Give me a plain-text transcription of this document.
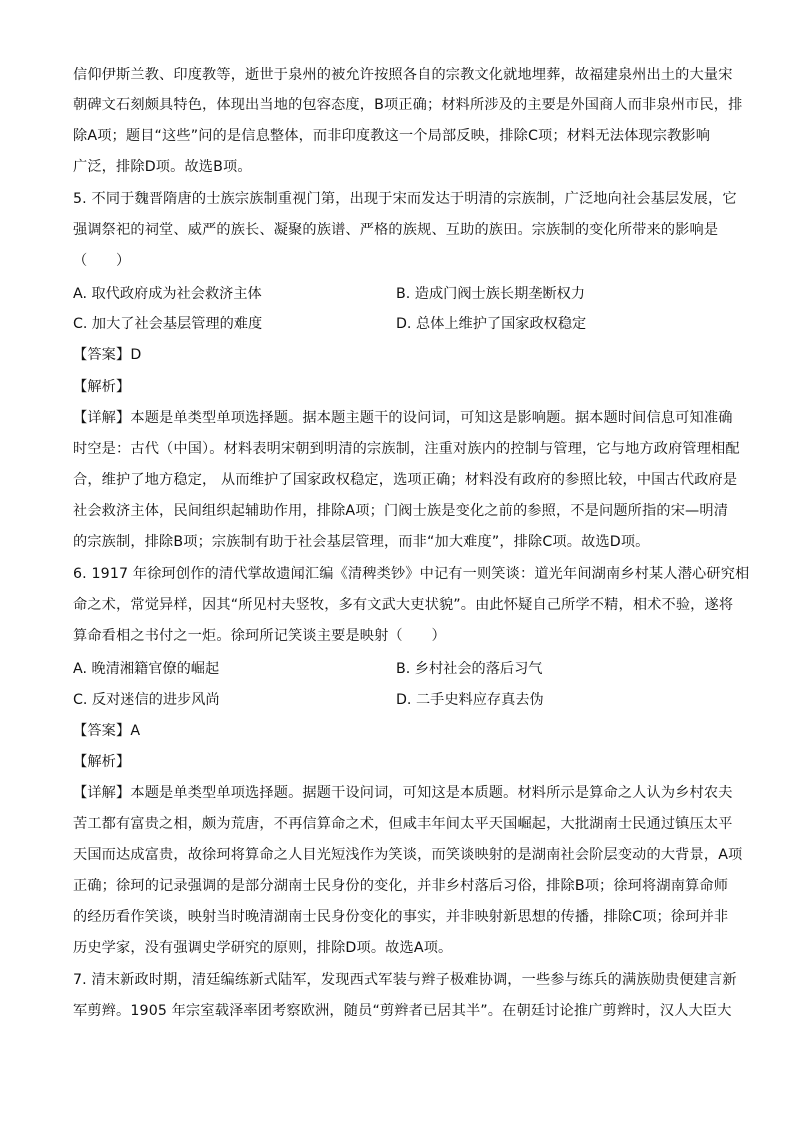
信仰伊斯兰教、印度教等，逝世于泉州的被允许按照各自的宗教文化就地埋葬，故福建泉州出土的大量宋
朝碑文石刻颇具特色，体现出当地的包容态度，B项正确；材料所涉及的主要是外国商人而非泉州市民，排
除A项；题目“这些”问的是信息整体，而非印度教这一个局部反映，排除C项；材料无法体现宗教影响
广泛，排除D项。故选B项。
5. 不同于魏晋隋唐的士族宗族制重视门第，出现于宋而发达于明清的宗族制，广泛地向社会基层发展，它
强调祭祀的祠堂、威严的族长、凝聚的族谱、严格的族规、互助的族田。宗族制的变化所带来的影响是
（　　）
A. 取代政府成为社会救济主体	B. 造成门阀士族长期垄断权力
C. 加大了社会基层管理的难度	D. 总体上维护了国家政权稳定
【答案】D
【解析】
【详解】本题是单类型单项选择题。据本题主题干的设问词，可知这是影响题。据本题时间信息可知准确
时空是：古代（中国）。材料表明宋朝到明清的宗族制，注重对族内的控制与管理，它与地方政府管理相配
合，维护了地方稳定， 从而维护了国家政权稳定，选项正确；材料没有政府的参照比较，中国古代政府是
社会救济主体，民间组织起辅助作用，排除A项；门阀士族是变化之前的参照，不是问题所指的宋—明清
的宗族制，排除B项；宗族制有助于社会基层管理，而非“加大难度”，排除C项。故选D项。
6. 1917 年徐珂创作的清代掌故遗闻汇编《清稗类钞》中记有一则笑谈：道光年间湖南乡村某人潜心研究相
命之术，常觉异样，因其“所见村夫竖牧，多有文武大吏状貌”。由此怀疑自己所学不精，相术不验，遂将
算命看相之书付之一炬。徐珂所记笑谈主要是映射（　　）
A. 晚清湘籍官僚的崛起	B. 乡村社会的落后习气
C. 反对迷信的进步风尚	D. 二手史料应存真去伪
【答案】A
【解析】
【详解】本题是单类型单项选择题。据题干设问词，可知这是本质题。材料所示是算命之人认为乡村农夫
苦工都有富贵之相，颇为荒唐，不再信算命之术，但咸丰年间太平天国崛起，大批湖南士民通过镇压太平
天国而达成富贵，故徐珂将算命之人目光短浅作为笑谈，而笑谈映射的是湖南社会阶层变动的大背景，A项
正确；徐珂的记录强调的是部分湖南士民身份的变化，并非乡村落后习俗，排除B项；徐珂将湖南算命师
的经历看作笑谈，映射当时晚清湖南士民身份变化的事实，并非映射新思想的传播，排除C项；徐珂并非
历史学家，没有强调史学研究的原则，排除D项。故选A项。
7. 清末新政时期，清廷编练新式陆军，发现西式军装与辫子极难协调，一些参与练兵的满族勋贵便建言新
军剪辫。1905 年宗室载泽率团考察欧洲，随员“剪辫者已居其半”。在朝廷讨论推广剪辫时，汉人大臣大
